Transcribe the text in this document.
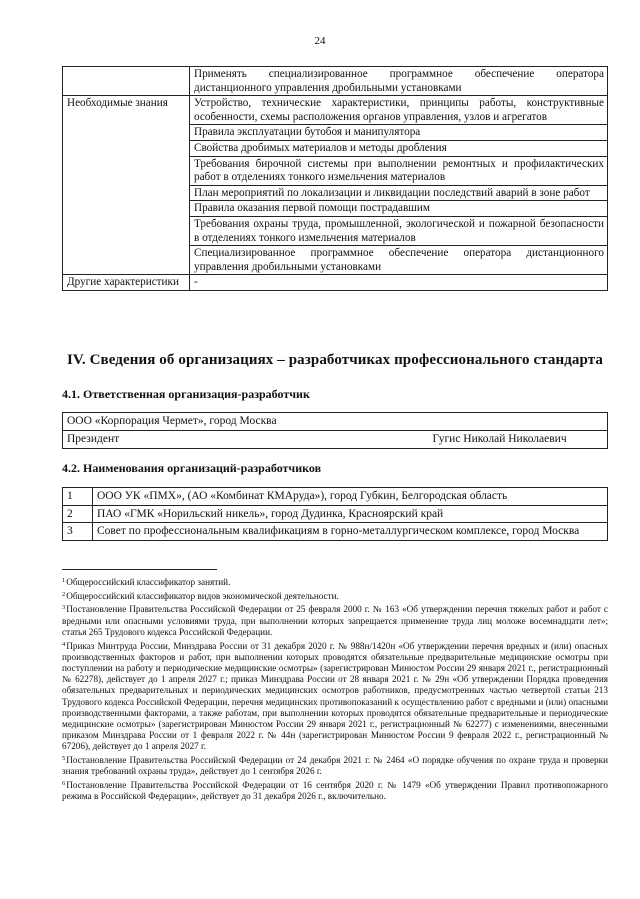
24
	Применять специализированное программное обеспечение оператора дистанционного управления дробильными установками
Необходимые знания	Устройство, технические характеристики, принципы работы, конструктивные особенности, схемы расположения органов управления, узлов и агрегатов
	Правила эксплуатации бутобоя и манипулятора
	Свойства дробимых материалов и методы дробления
	Требования бирочной системы при выполнении ремонтных и профилактических работ в отделениях тонкого измельчения материалов
	План мероприятий по локализации и ликвидации последствий аварий в зоне работ
	Правила оказания первой помощи пострадавшим
	Требования охраны труда, промышленной, экологической и пожарной безопасности в отделениях тонкого измельчения материалов
	Специализированное программное обеспечение оператора дистанционного управления дробильными установками
Другие характеристики	-
IV. Сведения об организациях – разработчиках профессионального стандарта
4.1. Ответственная организация-разработчик
ООО «Корпорация Чермет», город Москва
Президент	Гугис Николай Николаевич
4.2. Наименования организаций-разработчиков
1	ООО УК «ПМХ», (АО «Комбинат КМАруда»), город Губкин, Белгородская область
2	ПАО «ГМК «Норильский никель», город Дудинка, Красноярский край
3	Совет по профессиональным квалификациям в горно-металлургическом комплексе, город Москва

$^1$Общероссийский классификатор занятий.

$^2$Общероссийский классификатор видов экономической деятельности.

$^3$Постановление Правительства Российской Федерации от 25 февраля 2000 г. № 163 «Об утверждении перечня тяжелых работ и работ с вредными или опасными условиями труда, при выполнении которых запрещается применение труда лиц моложе восемнадцати лет»; статья 265 Трудового кодекса Российской Федерации.

$^4$Приказ Минтруда России, Минздрава России от 31 декабря 2020 г. № 988н/1420н «Об утверждении перечня вредных и (или) опасных производственных факторов и работ, при выполнении которых проводятся обязательные предварительные медицинские осмотры при поступлении на работу и периодические медицинские осмотры» (зарегистрирован Минюстом России 29 января 2021 г., регистрационный № 62278), действует до 1 апреля 2027 г.; приказ Минздрава России от 28 января 2021 г. № 29н «Об утверждении Порядка проведения обязательных предварительных и периодических медицинских осмотров работников, предусмотренных частью четвертой статьи 213 Трудового кодекса Российской Федерации, перечня медицинских противопоказаний к осуществлению работ с вредными и (или) опасными производственными факторами, а также работам, при выполнении которых проводятся обязательные предварительные и периодические медицинские осмотры» (зарегистрирован Минюстом России 29 января 2021 г., регистрационный № 62277) с изменениями, внесенными приказом Минздрава России от 1 февраля 2022 г. № 44н (зарегистрирован Минюстом России 9 февраля 2022 г., регистрационный № 67206), действует до 1 апреля 2027 г.

$^5$Постановление Правительства Российской Федерации от 24 декабря 2021 г. № 2464 «О порядке обучения по охране труда и проверки знания требований охраны труда», действует до 1 сентября 2026 г.

$^6$Постановление Правительства Российской Федерации от 16 сентября 2020 г. № 1479 «Об утверждении Правил противопожарного режима в Российской Федерации», действует до 31 декабря 2026 г., включительно.
